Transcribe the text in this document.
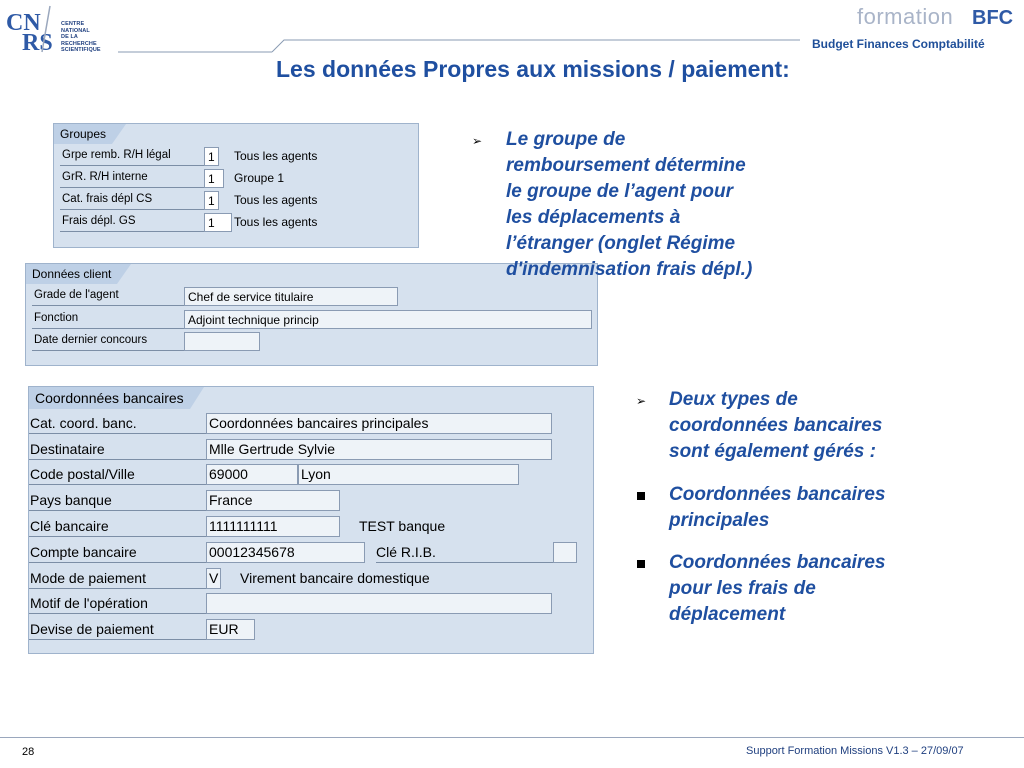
CN
RS
CENTRE NATIONAL
DE LA RECHERCHE
SCIENTIFIQUE
formation BFC
Budget Finances Comptabilité
Les données Propres aux missions / paiement:
Groupes
Grpe remb. R/H légal	1	Tous les agents
GrR. R/H interne	1	Groupe 1
Cat. frais dépl CS	1	Tous les agents
Frais dépl. GS	1	Tous les agents
Données client
Grade de l'agent	Chef de service titulaire
Fonction	Adjoint technique princip
Date dernier concours
Coordonnées bancaires
Cat. coord. banc.	Coordonnées bancaires principales
Destinataire	Mlle Gertrude Sylvie
Code postal/Ville	69000	Lyon
Pays banque	France
Clé bancaire	1111111111	TEST banque
Compte bancaire	00012345678	Clé R.I.B.
Mode de paiement	V Virement bancaire domestique
Motif de l'opération
Devise de paiement	EUR
➢ Le groupe de
remboursement détermine
le groupe de l’agent pour
les déplacements à
l’étranger (onglet Régime
d'indemnisation frais dépl.)
➢ Deux types de
coordonnées bancaires
sont également gérés :
Coordonnées bancaires
principales
Coordonnées bancaires
pour les frais de
déplacement
28	Support Formation Missions V1.3 – 27/09/07
